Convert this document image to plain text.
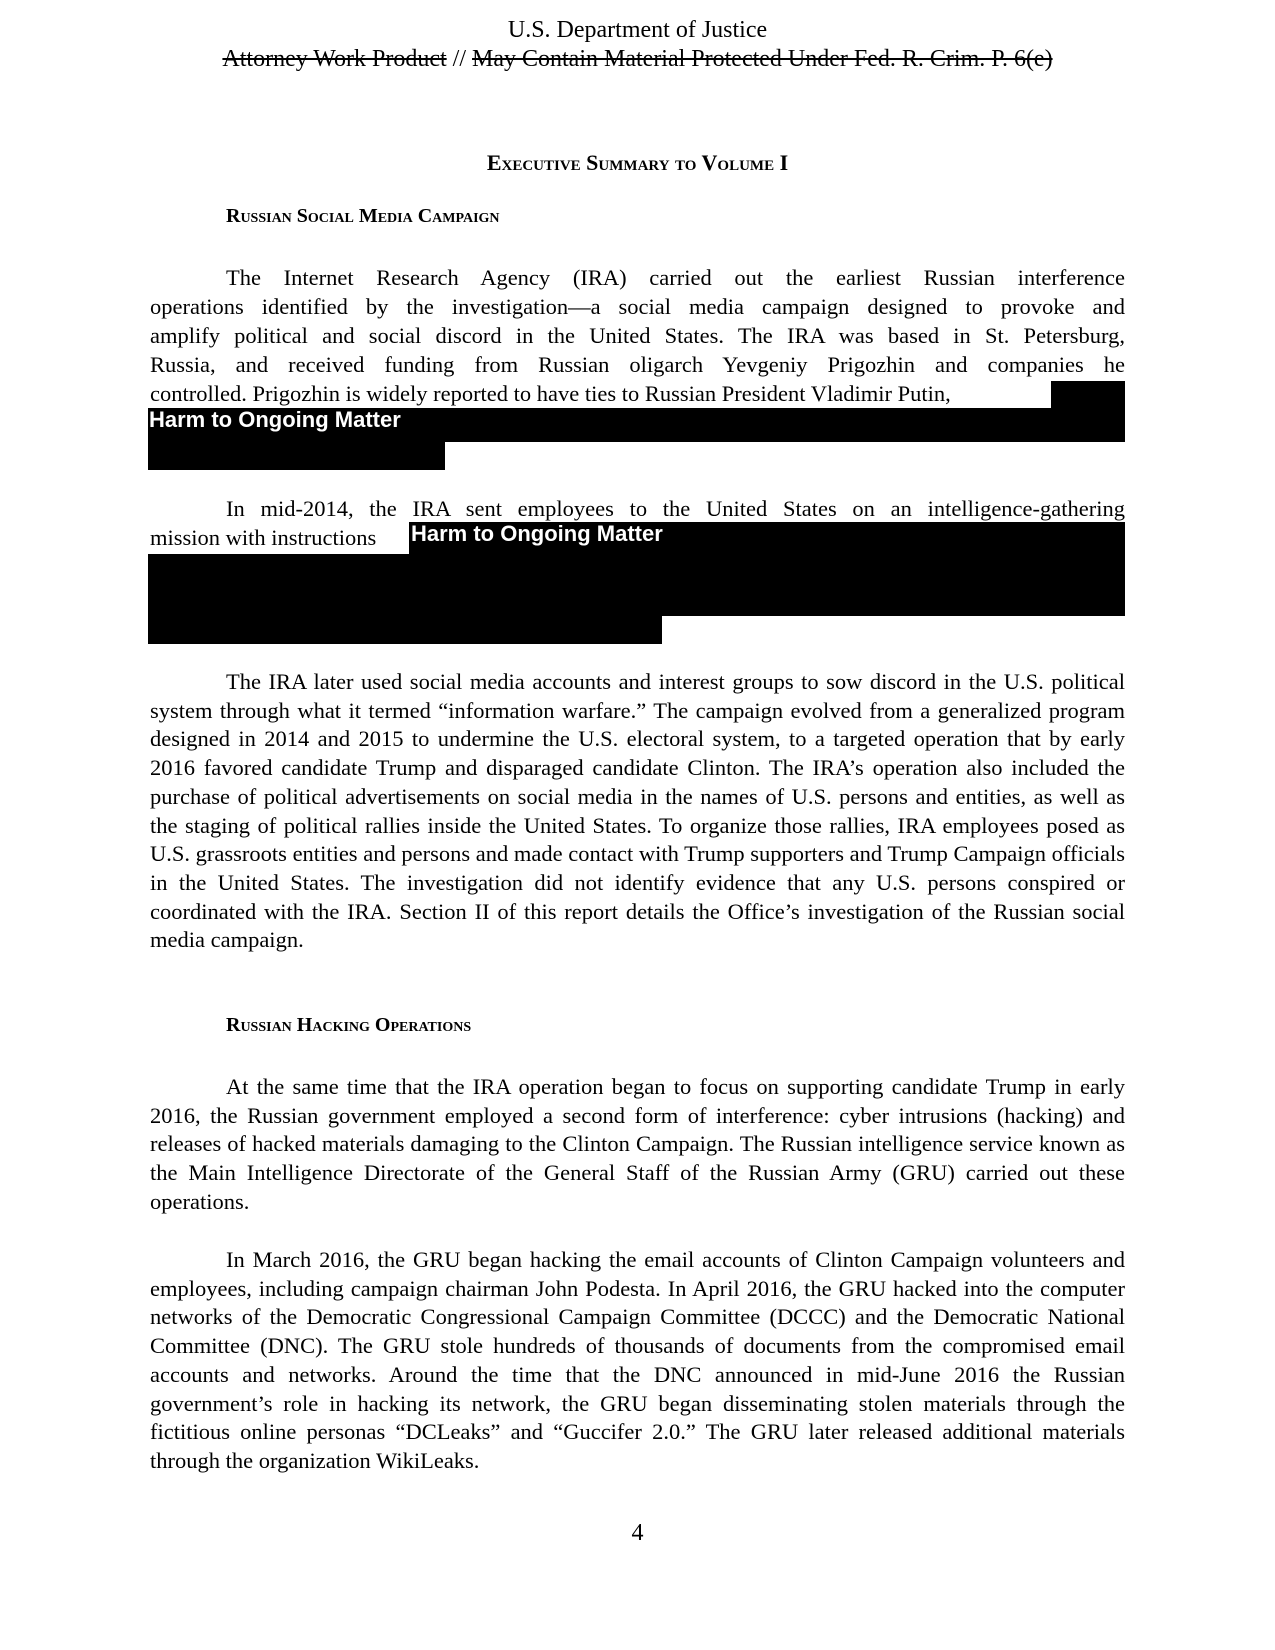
U.S. Department of Justice
Attorney Work Product // May Contain Material Protected Under Fed. R. Crim. P. 6(e)
Executive Summary to Volume I
Russian Social Media Campaign
The Internet Research Agency (IRA) carried out the earliest Russian interference
operations identified by the investigation—a social media campaign designed to provoke and
amplify political and social discord in the United States. The IRA was based in St. Petersburg,
Russia, and received funding from Russian oligarch Yevgeniy Prigozhin and companies he
controlled. Prigozhin is widely reported to have ties to Russian President Vladimir Putin,
Harm to Ongoing Matter
In mid-2014, the IRA sent employees to the United States on an intelligence-gathering
mission with instructions Harm to Ongoing Matter

The IRA later used social media accounts and interest groups to sow discord in the U.S. political system through what it termed “information warfare.” The campaign evolved from a generalized program designed in 2014 and 2015 to undermine the U.S. electoral system, to a targeted operation that by early 2016 favored candidate Trump and disparaged candidate Clinton. The IRA’s operation also included the purchase of political advertisements on social media in the names of U.S. persons and entities, as well as the staging of political rallies inside the United States. To organize those rallies, IRA employees posed as U.S. grassroots entities and persons and made contact with Trump supporters and Trump Campaign officials in the United States. The investigation did not identify evidence that any U.S. persons conspired or coordinated with the IRA. Section II of this report details the Office’s investigation of the Russian social media campaign.

Russian Hacking Operations

At the same time that the IRA operation began to focus on supporting candidate Trump in early 2016, the Russian government employed a second form of interference: cyber intrusions (hacking) and releases of hacked materials damaging to the Clinton Campaign. The Russian intelligence service known as the Main Intelligence Directorate of the General Staff of the Russian Army (GRU) carried out these operations.

In March 2016, the GRU began hacking the email accounts of Clinton Campaign volunteers and employees, including campaign chairman John Podesta. In April 2016, the GRU hacked into the computer networks of the Democratic Congressional Campaign Committee (DCCC) and the Democratic National Committee (DNC). The GRU stole hundreds of thousands of documents from the compromised email accounts and networks. Around the time that the DNC announced in mid-June 2016 the Russian government’s role in hacking its network, the GRU began disseminating stolen materials through the fictitious online personas “DCLeaks” and “Guccifer 2.0.” The GRU later released additional materials through the organization WikiLeaks.

4
